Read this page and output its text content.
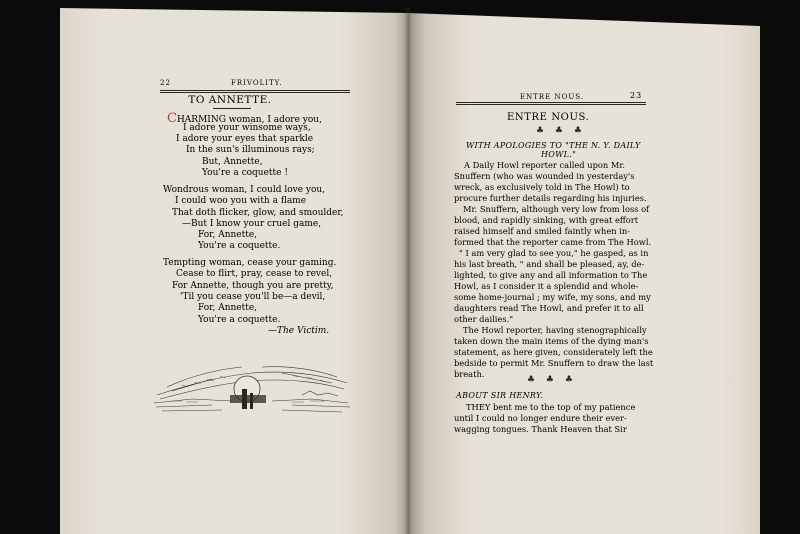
22	FRIVOLITY.
TO ANNETTE.
CHARMING woman, I adore you,
I adore your winsome ways,
I adore your eyes that sparkle
In the sun's illuminous rays;
But, Annette,
You're a coquette !
Wondrous woman, I could love you,
I could woo you with a flame
That doth flicker, glow, and smoulder,
—But I know your cruel game,
For, Annette,
You're a coquette.
Tempting woman, cease your gaming.
Cease to flirt, pray, cease to revel,
For Annette, though you are pretty,
'Til you cease you'll be—a devil,
For, Annette,
You're a coquette.
—The Victim.
ENTRE NOUS.	23
ENTRE NOUS.
♣ ♣ ♣
WITH APOLOGIES TO "THE N. Y. DAILY
HOWL."
A Daily Howl reporter called upon Mr.
Snuffern (who was wounded in yesterday's
wreck, as exclusively told in The Howl) to
procure further details regarding his injuries.
Mr. Snuffern, although very low from loss of
blood, and rapidly sinking, with great effort
raised himself and smiled faintly when in-
formed that the reporter came from The Howl.
" I am very glad to see you," he gasped, as in
his last breath, " and shall be pleased, ay, de-
lighted, to give any and all information to The
Howl, as I consider it a splendid and whole-
some home-journal ; my wife, my sons, and my
daughters read The Howl, and prefer it to all
other dailies."
The Howl reporter, having stenographically
taken down the main items of the dying man's
statement, as here given, considerately left the
bedside to permit Mr. Snuffern to draw the last
breath.
♣ ♣ ♣
ABOUT SIR HENRY.
THEY bent me to the top of my patience
until I could no longer endure their ever-
wagging tongues. Thank Heaven that Sir
